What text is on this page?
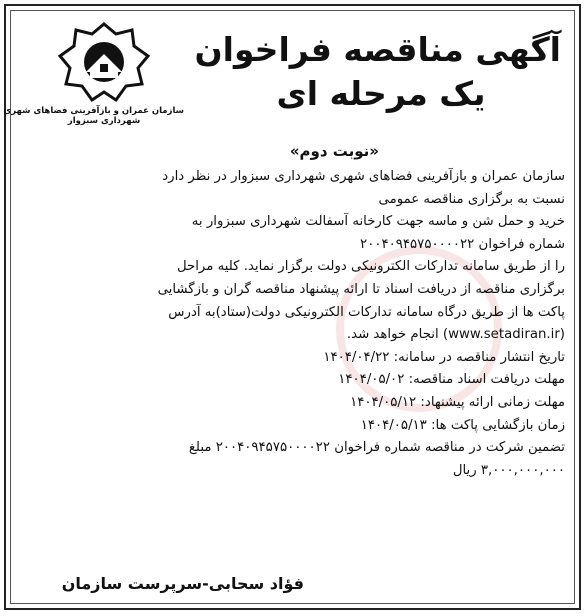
سازمان عمران و بازآفرینی فضاهای شهری
شهرداری سبزوار
آگهی مناقصه فراخوان
یک مرحله ای
«نوبت دوم»

سازمان عمران و بازآفرینی فضاهای شهری شهرداری سبزوار در نظر دارد

نسبت به برگزاری مناقصه عمومی

خرید و حمل شن و ماسه جهت کارخانه آسفالت شهرداری سبزوار به

شماره فراخوان ۲۰۰۴۰۹۴۵۷۵۰۰۰۰۲۲

را از طریق سامانه تدارکات الکترونیکی دولت برگزار نماید. کلیه مراحل

برگزاری مناقصه از دریافت اسناد تا ارائه پیشنهاد مناقصه گران و بازگشایی

پاکت ها از طریق درگاه سامانه تدارکات الکترونیکی دولت(ستاد)به آدرس

(www.setadiran.ir) انجام خواهد شد.

تاریخ انتشار مناقصه در سامانه: ۱۴۰۴/۰۴/۲۲

مهلت دریافت اسناد مناقصه: ۱۴۰۴/۰۵/۰۲

مهلت زمانی ارائه پیشنهاد: ۱۴۰۴/۰۵/۱۲

زمان بازگشایی پاکت ها: ۱۴۰۴/۰۵/۱۳

تضمین شرکت در مناقصه شماره فراخوان ۲۰۰۴۰۹۴۵۷۵۰۰۰۰۲۲ مبلغ

۳,۰۰۰,۰۰۰,۰۰۰ ریال

فؤاد سحابی-سرپرست سازمان
